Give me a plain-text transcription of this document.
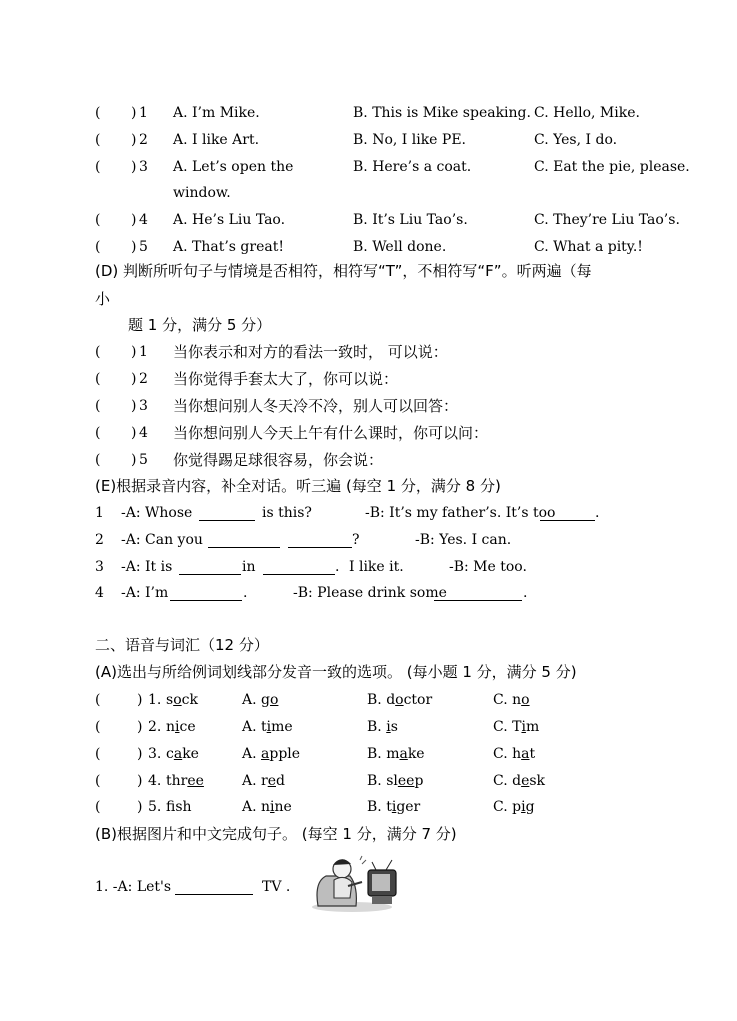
( ) 1 A. I’m Mike.	B. This is Mike speaking. C. Hello, Mike.
( ) 2 A. I like Art.	B. No, I like PE.	C. Yes, I do.
( ) 3 A. Let’s open the
window.
B. Here’s a coat.	C. Eat the pie, please.
( ) 4 A. He’s Liu Tao.	B. It’s Liu Tao’s.	C. They’re Liu Tao’s.
( ) 5 A. That’s great!	B. Well done.	C. What a pity.!
(D) 判断所听句子与情境是否相符，相符写“T”，不相符写“F”。听两遍（每
小
题 1 分，满分 5 分）
( ) 1 当你表示和对方的看法一致时， 可以说：
( ) 2 当你觉得手套太大了，你可以说：
( ) 3 当你想问别人冬天冷不冷，别人可以回答：
( ) 4 当你想问别人今天上午有什么课时，你可以问：
( ) 5 你觉得踢足球很容易，你会说：
(E)根据录音内容，补全对话。听三遍 (每空 1 分，满分 8 分)
1 -A: Whose	is this?	-B: It’s my father’s. It’s too	.
2 -A: Can you	?	-B: Yes. I can.
3 -A: It is	in	. I like it.	-B: Me too.
4 -A: I’m	.	-B: Please drink some	.
二、语音与词汇（12 分）
(A)选出与所给例词划线部分发音一致的选项。 (每小题 1 分，满分 5 分)
(	) 1. sock	A. go	B. doctor	C. no
(	) 2. nice	A. time	B. is	C. Tim
(	) 3. cake	A. apple	B. make	C. hat
(	) 4. three	A. red	B. sleep	C. desk
(	) 5. fsh	A. nine	B. tiger	C. pig
(B)根据图片和中文完成句子。 (每空 1 分，满分 7 分)
1. -A: Let's	TV .
